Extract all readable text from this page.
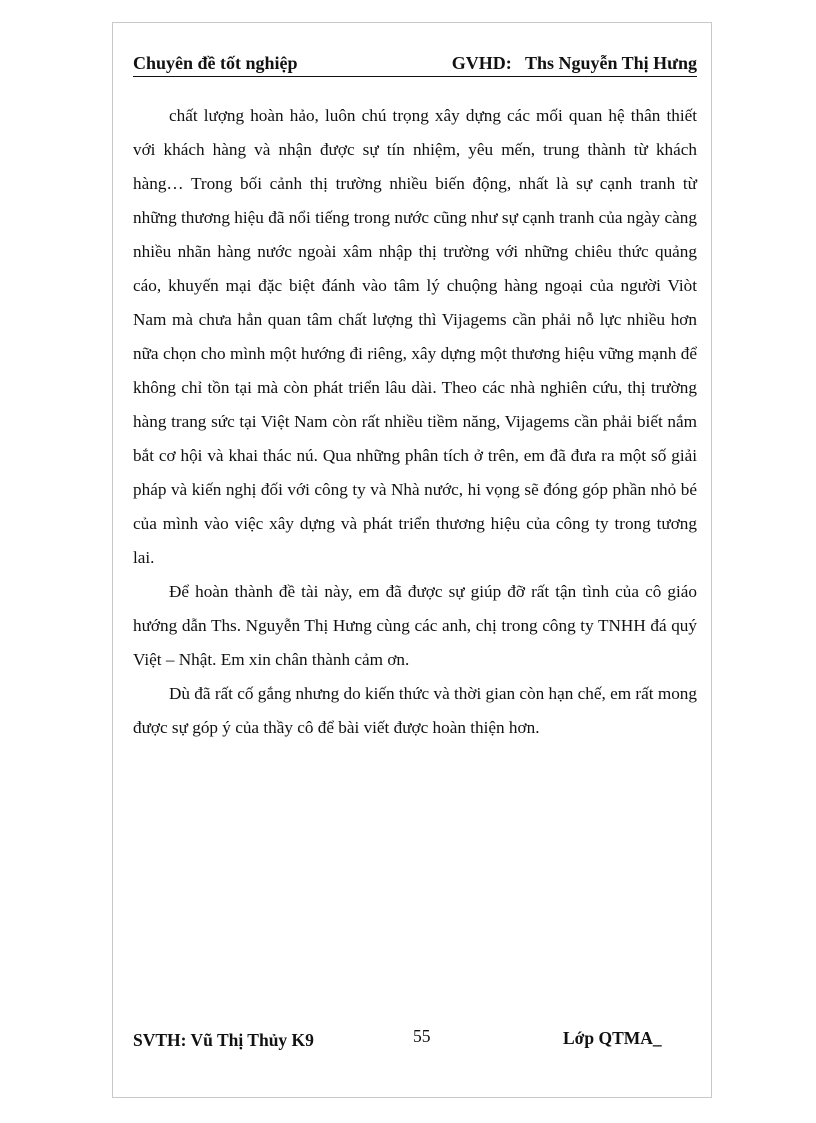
Chuyên đề tốt nghiệp	GVHD:   Ths Nguyễn Thị Hưng

chất lượng hoàn hảo, luôn chú trọng xây dựng các mối quan hệ thân thiết với khách hàng và nhận được sự tín nhiệm, yêu mến, trung thành từ khách hàng… Trong bối cảnh thị trường nhiều biến động, nhất là sự cạnh tranh từ những thương hiệu đã nổi tiếng trong nước cũng như sự cạnh tranh của ngày càng nhiều nhãn hàng nước ngoài xâm nhập thị trường với những chiêu thức quảng cáo, khuyến mại đặc biệt đánh vào tâm lý chuộng hàng ngoại của người Viòt Nam mà chưa hẳn quan tâm chất lượng thì Vijagems cần phải nỗ lực nhiều hơn nữa chọn cho mình một hướng đi riêng, xây dựng một thương hiệu vững mạnh để không chỉ tồn tại mà còn phát triển lâu dài. Theo các nhà nghiên cứu, thị trường hàng trang sức tại Việt Nam còn rất nhiều tiềm năng, Vijagems cần phải biết nắm bắt cơ hội và khai thác nú. Qua những phân tích ở trên, em đã đưa ra một số giải pháp và kiến nghị đối với công ty và Nhà nước, hi vọng sẽ đóng góp phần nhỏ bé của mình vào việc xây dựng và phát triển thương hiệu của công ty trong tương lai.

Để hoàn thành đề tài này, em đã được sự giúp đỡ rất tận tình của cô giáo hướng dẫn Ths. Nguyễn Thị Hưng cùng các anh, chị trong công ty TNHH đá quý Việt – Nhật. Em xin chân thành cảm ơn.

Dù đã rất cố gắng nhưng do kiến thức và thời gian còn hạn chế, em rất mong được sự góp ý của thầy cô để bài viết được hoàn thiện hơn.

SVTH: Vũ Thị Thủy K9	55	Lớp QTMA_
